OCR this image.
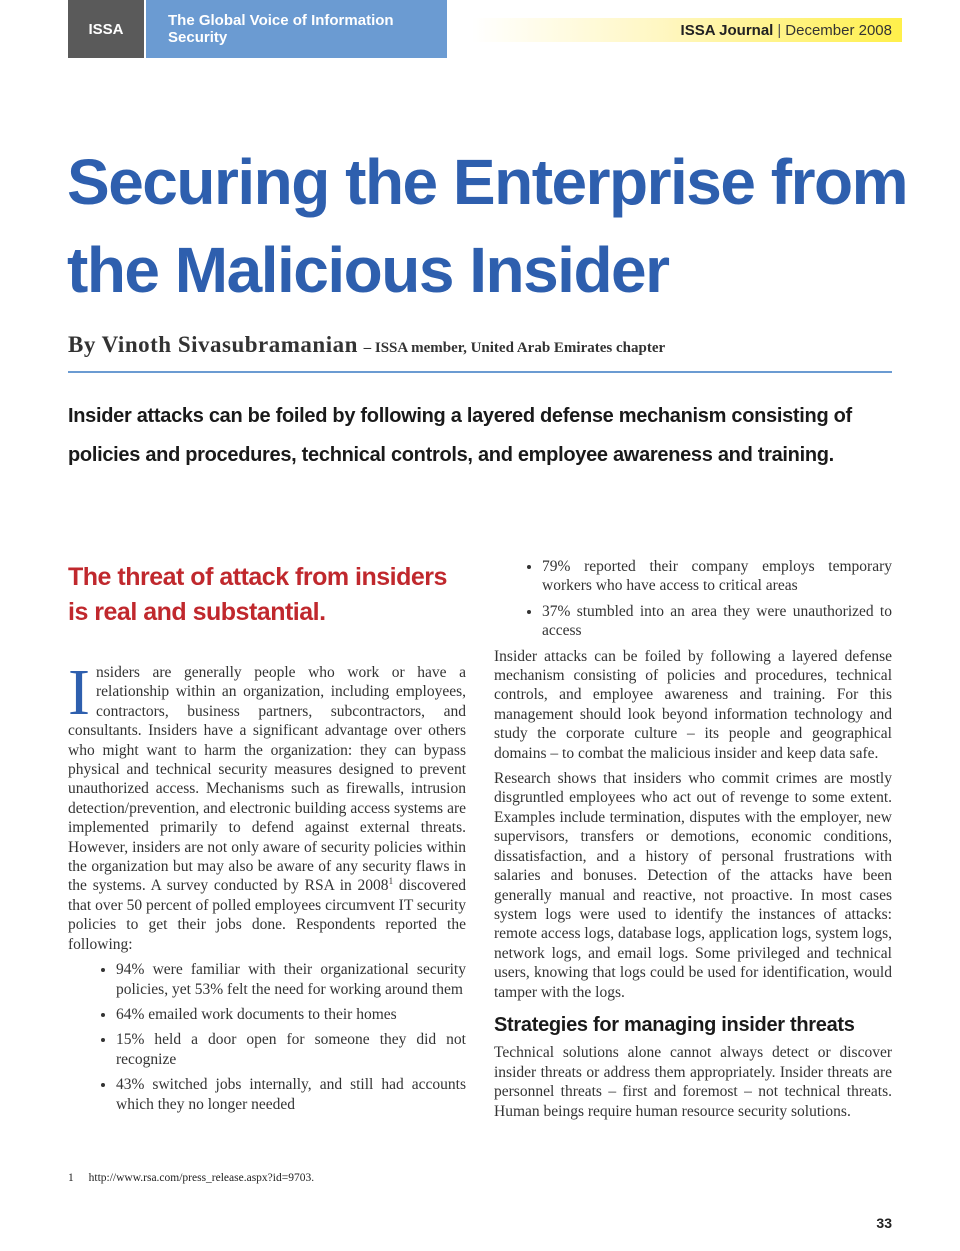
ISSA	The Global Voice of Information Security	ISSA Journal | December 2008
Securing the Enterprise from the Malicious Insider
By Vinoth Sivasubramanian – ISSA member, United Arab Emirates chapter

Insider attacks can be foiled by following a layered defense mechanism consisting of policies and procedures, technical controls, and employee awareness and training.

The threat of attack from insiders is real and substantial.

Insiders are generally people who work or have a relationship within an organization, including employees, contractors, business partners, subcontractors, and consultants. Insiders have a significant advantage over others who might want to harm the organization: they can bypass physical and technical security measures designed to prevent unauthorized access. Mechanisms such as firewalls, intrusion detection/prevention, and electronic building access systems are implemented primarily to defend against external threats. However, insiders are not only aware of security policies within the organization but may also be aware of any security flaws in the systems. A survey conducted by RSA in 2008$^1$ discovered that over 50 percent of polled employees circumvent IT security policies to get their jobs done. Respondents reported the following:

• 94% were familiar with their organizational security policies, yet 53% felt the need for working around them
• 64% emailed work documents to their homes
• 15% held a door open for someone they did not recognize
• 43% switched jobs internally, and still had accounts which they no longer needed
• 79% reported their company employs temporary workers who have access to critical areas
• 37% stumbled into an area they were unauthorized to access

Insider attacks can be foiled by following a layered defense mechanism consisting of policies and procedures, technical controls, and employee awareness and training. For this management should look beyond information technology and study the corporate culture – its people and geographical domains – to combat the malicious insider and keep data safe.

Research shows that insiders who commit crimes are mostly disgruntled employees who act out of revenge to some extent. Examples include termination, disputes with the employer, new supervisors, transfers or demotions, economic conditions, dissatisfaction, and a history of personal frustrations with salaries and bonuses. Detection of the attacks have been generally manual and reactive, not proactive. In most cases system logs were used to identify the instances of attacks: remote access logs, database logs, application logs, system logs, network logs, and email logs. Some privileged and technical users, knowing that logs could be used for identification, would tamper with the logs.

Strategies for managing insider threats

Technical solutions alone cannot always detect or discover insider threats or address them appropriately. Insider threats are personnel threats – first and foremost – not technical threats. Human beings require human resource security solutions.

1 http://www.rsa.com/press_release.aspx?id=9703.
33
